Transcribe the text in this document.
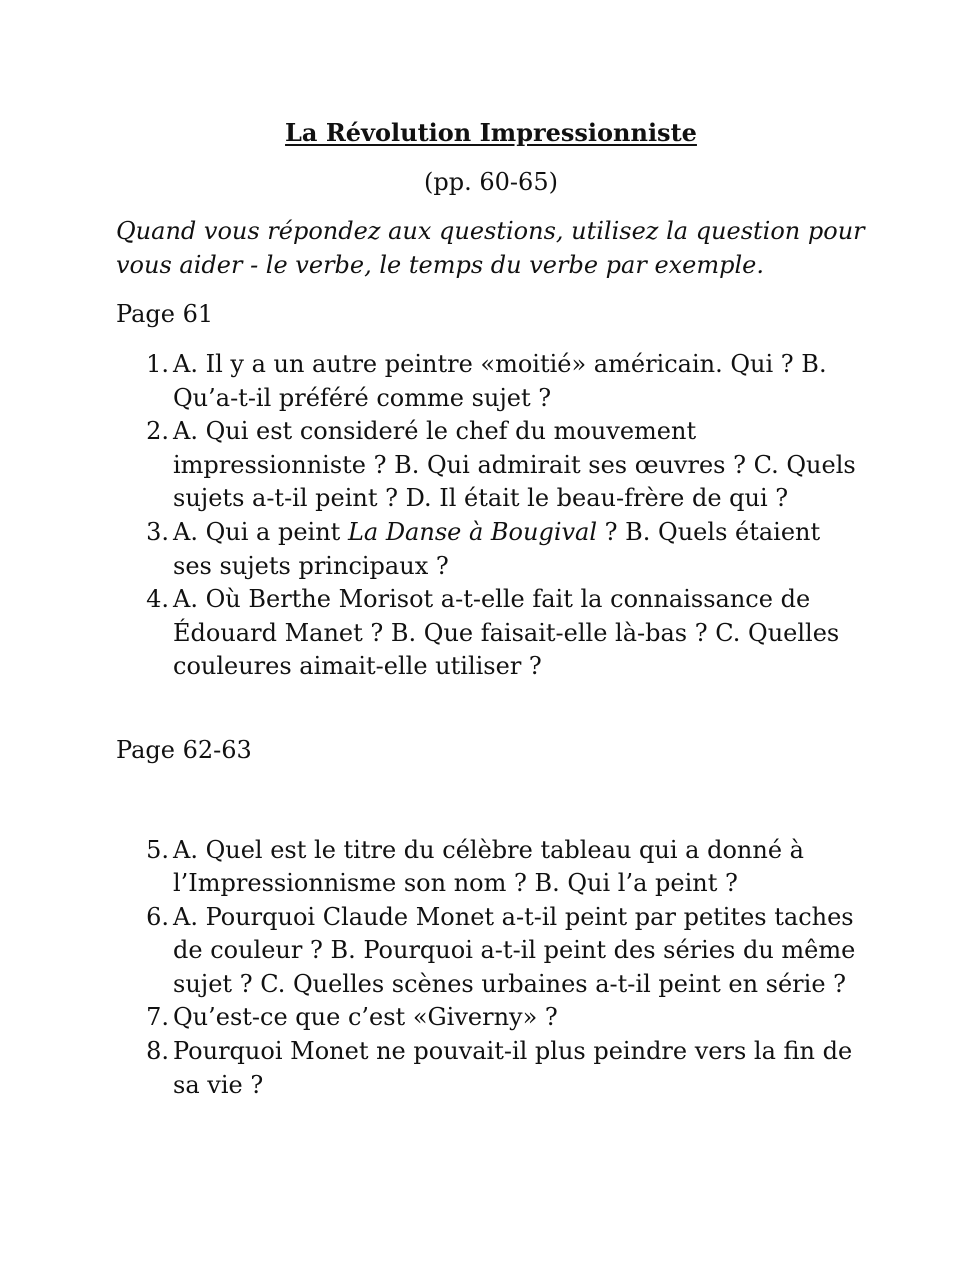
La Révolution Impressionniste
(pp. 60-65)
Quand vous répondez aux questions, utilisez la question pour vous aider - le verbe, le temps du verbe par exemple.
Page 61
1. A. Il y a un autre peintre «moitié» américain. Qui ? B. Qu’a-t-il préféré comme sujet ?
2. A. Qui est consideré le chef du mouvement impressionniste ? B. Qui admirait ses œuvres ? C. Quels sujets a-t-il peint ? D. Il était le beau-frère de qui ?
3. A. Qui a peint La Danse à Bougival ? B. Quels étaient ses sujets principaux ?
4. A. Où Berthe Morisot a-t-elle fait la connaissance de Édouard Manet ? B. Que faisait-elle là-bas ? C. Quelles couleures aimait-elle utiliser ?
Page 62-63
5. A. Quel est le titre du célèbre tableau qui a donné à l’Impressionnisme son nom ? B. Qui l’a peint ?
6. A. Pourquoi Claude Monet a-t-il peint par petites taches de couleur ? B. Pourquoi a-t-il peint des séries du même sujet ? C. Quelles scènes urbaines a-t-il peint en série ?
7. Qu’est-ce que c’est «Giverny» ?
8. Pourquoi Monet ne pouvait-il plus peindre vers la fin de sa vie ?
